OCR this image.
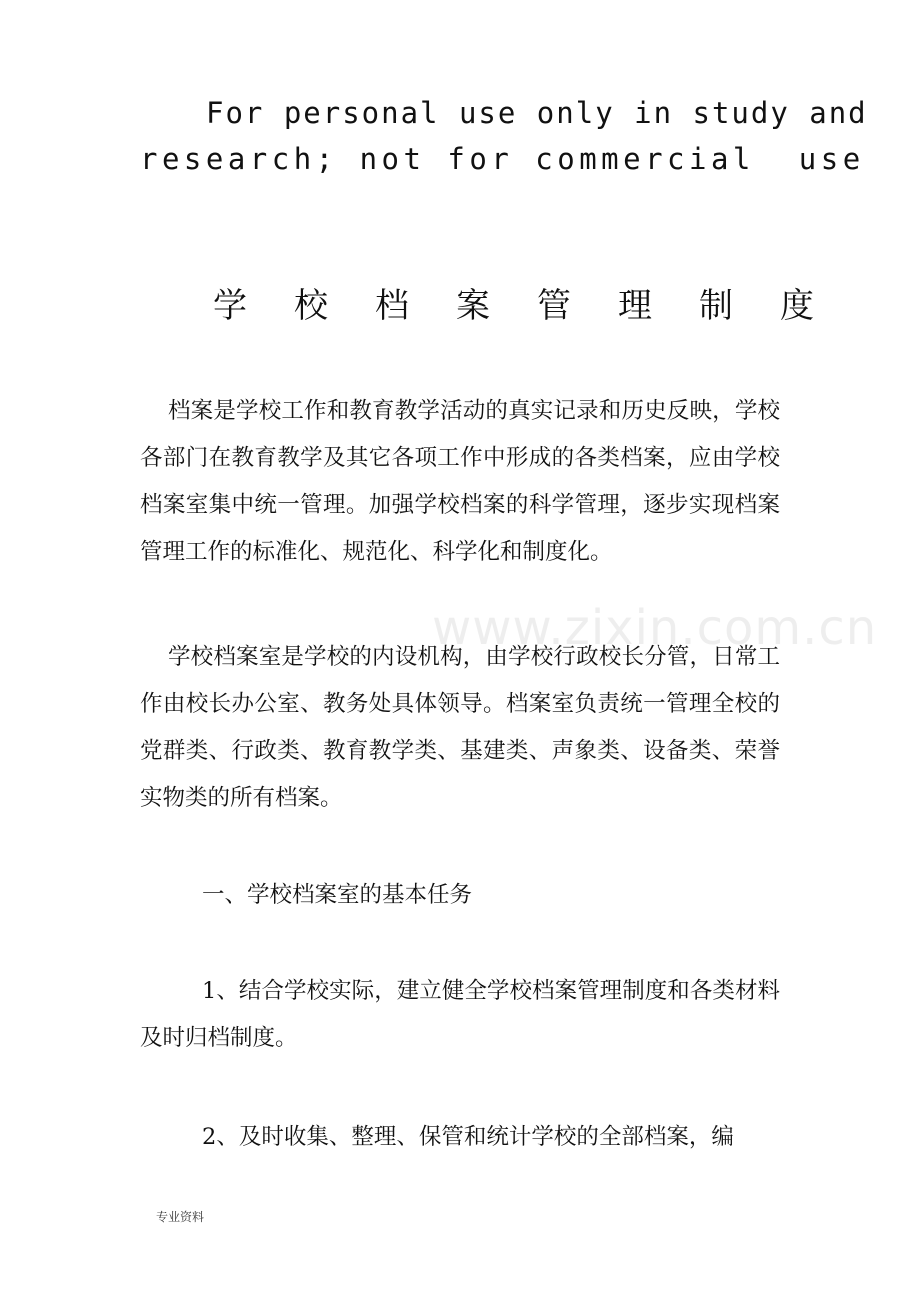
For personal use only in study and
research; not for commercial  use

学校档案管理制度

档案是学校工作和教育教学活动的真实记录和历史反映，学校各部门在教育教学及其它各项工作中形成的各类档案，应由学校档案室集中统一管理。加强学校档案的科学管理，逐步实现档案管理工作的标准化、规范化、科学化和制度化。

学校档案室是学校的内设机构，由学校行政校长分管，日常工作由校长办公室、教务处具体领导。档案室负责统一管理全校的党群类、行政类、教育教学类、基建类、声象类、设备类、荣誉实物类的所有档案。

一、学校档案室的基本任务

1、结合学校实际，建立健全学校档案管理制度和各类材料及时归档制度。

2、及时收集、整理、保管和统计学校的全部档案，编

www.zixin.com.cn

专业资料
